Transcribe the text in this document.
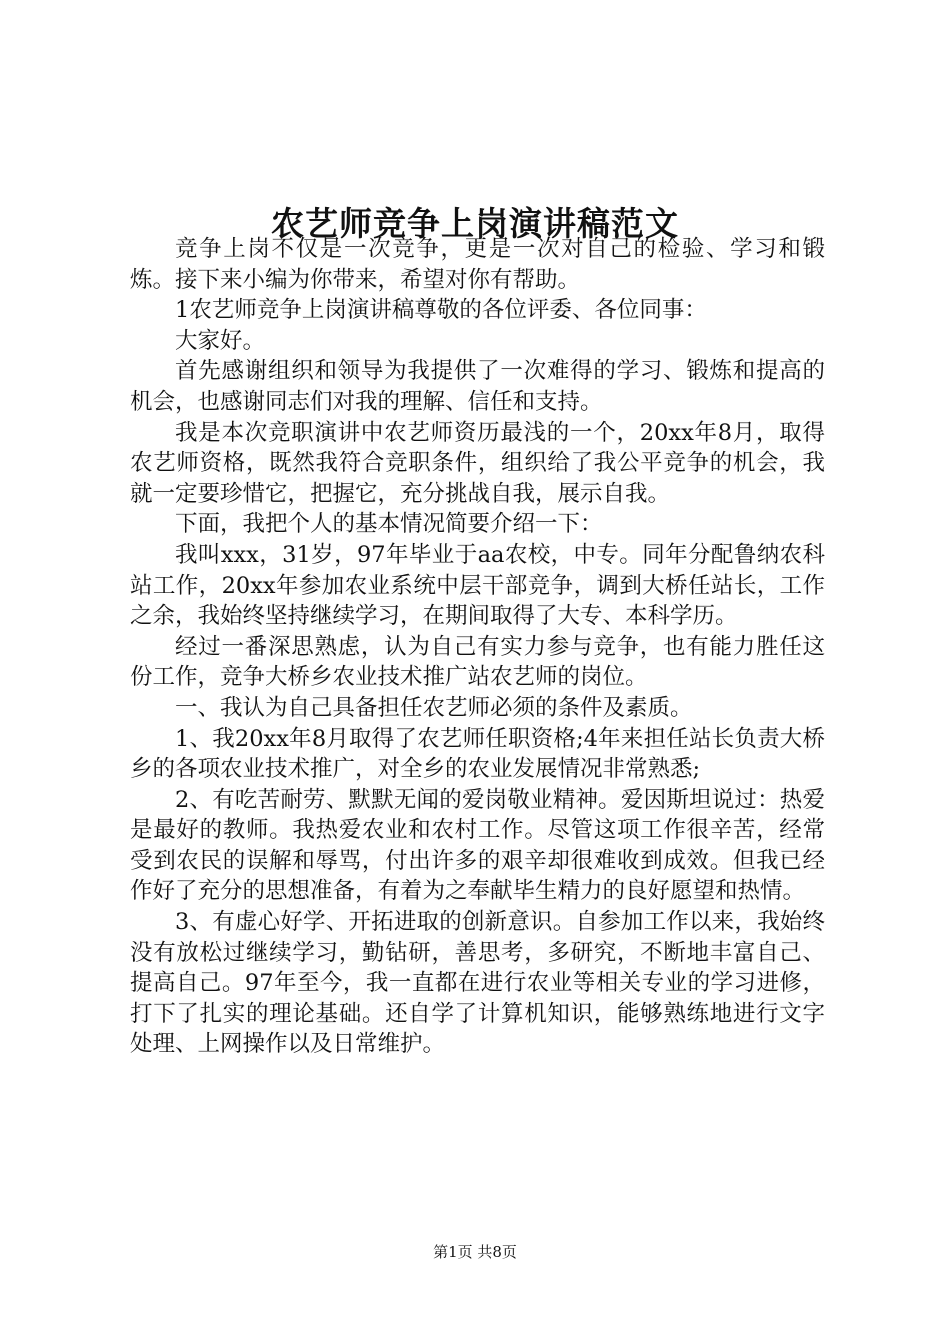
农艺师竞争上岗演讲稿范文

竞争上岗不仅是一次竞争，更是一次对自己的检验、学习和锻炼。接下来小编为你带来，希望对你有帮助。

1农艺师竞争上岗演讲稿尊敬的各位评委、各位同事：

大家好。

首先感谢组织和领导为我提供了一次难得的学习、锻炼和提高的机会，也感谢同志们对我的理解、信任和支持。

我是本次竞职演讲中农艺师资历最浅的一个，20xx年8月，取得农艺师资格，既然我符合竞职条件，组织给了我公平竞争的机会，我就一定要珍惜它，把握它，充分挑战自我，展示自我。

下面，我把个人的基本情况简要介绍一下：

我叫xxx，31岁，97年毕业于aa农校，中专。同年分配鲁纳农科站工作，20xx年参加农业系统中层干部竞争，调到大桥任站长，工作之余，我始终坚持继续学习，在期间取得了大专、本科学历。

经过一番深思熟虑，认为自己有实力参与竞争，也有能力胜任这份工作，竞争大桥乡农业技术推广站农艺师的岗位。

一、我认为自己具备担任农艺师必须的条件及素质。

1、我20xx年8月取得了农艺师任职资格;4年来担任站长负责大桥乡的各项农业技术推广，对全乡的农业发展情况非常熟悉;

2、有吃苦耐劳、默默无闻的爱岗敬业精神。爱因斯坦说过：热爱是最好的教师。我热爱农业和农村工作。尽管这项工作很辛苦，经常受到农民的误解和辱骂，付出许多的艰辛却很难收到成效。但我已经作好了充分的思想准备，有着为之奉献毕生精力的良好愿望和热情。

3、有虚心好学、开拓进取的创新意识。自参加工作以来，我始终没有放松过继续学习，勤钻研，善思考，多研究，不断地丰富自己、提高自己。97年至今，我一直都在进行农业等相关专业的学习进修，打下了扎实的理论基础。还自学了计算机知识，能够熟练地进行文字处理、上网操作以及日常维护。

第1页 共8页
